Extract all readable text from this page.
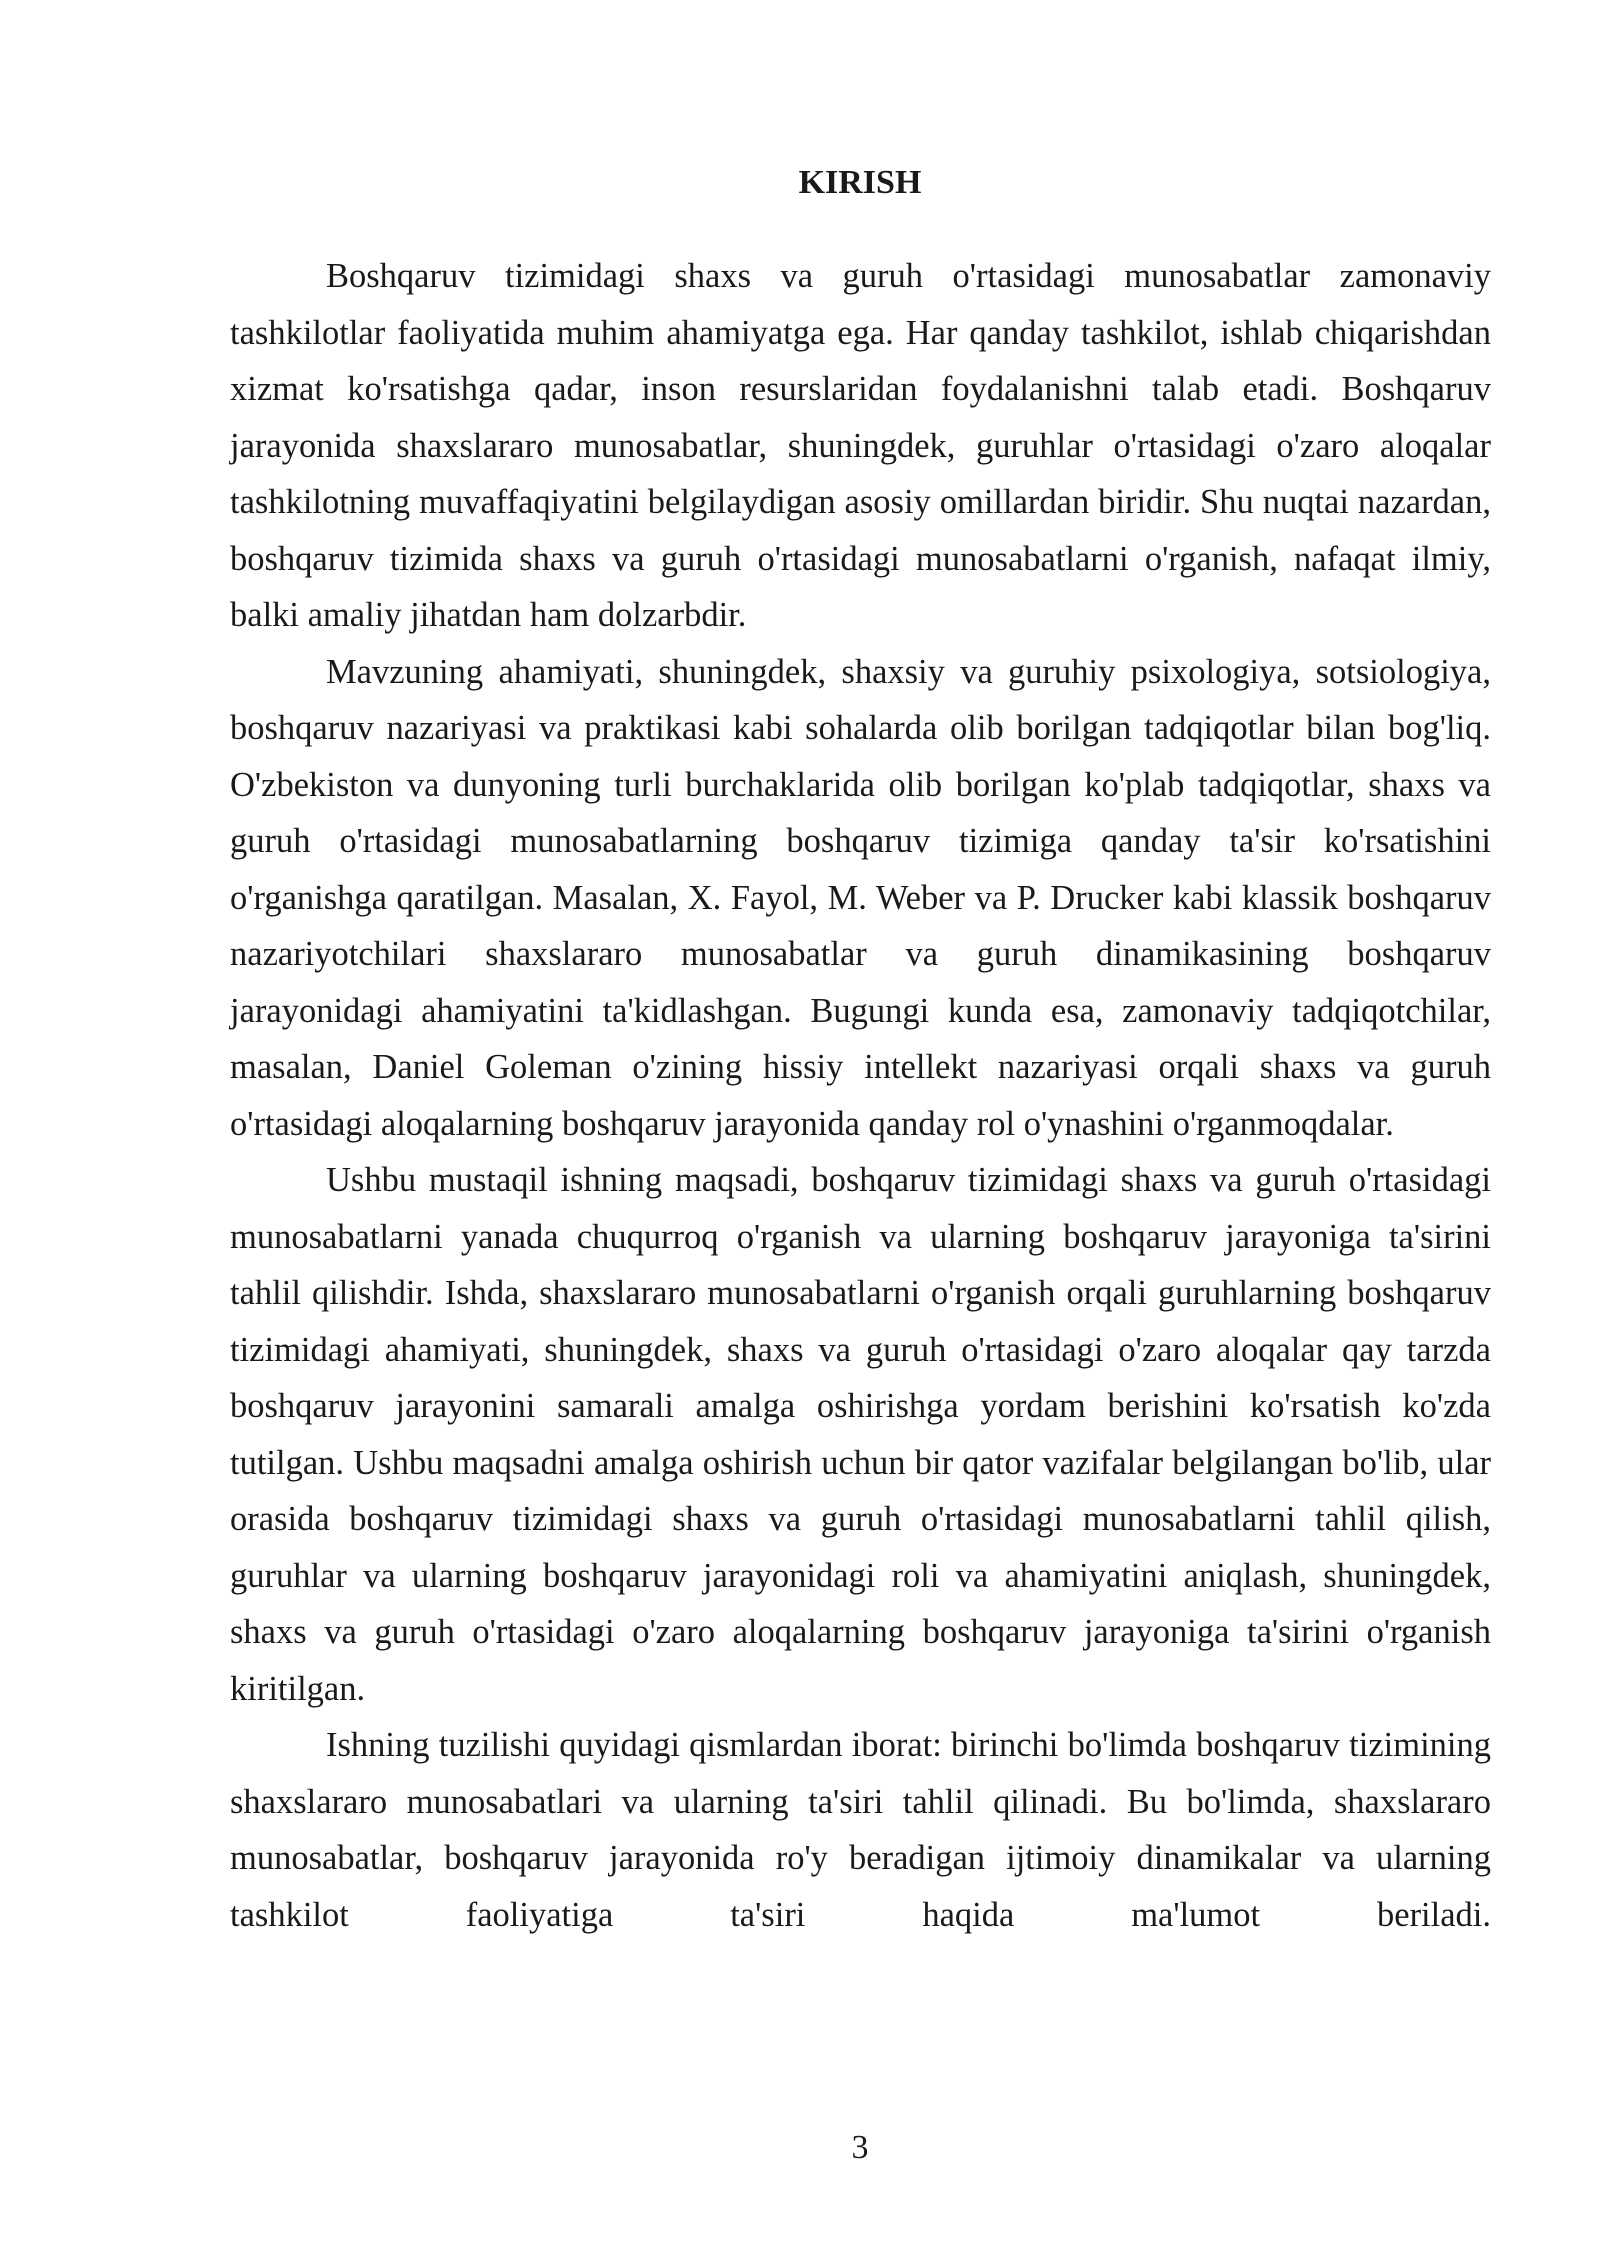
KIRISH

Boshqaruv tizimidagi shaxs va guruh o'rtasidagi munosabatlar zamonaviy tashkilotlar faoliyatida muhim ahamiyatga ega. Har qanday tashkilot, ishlab chiqarishdan xizmat ko'rsatishga qadar, inson resurslaridan foydalanishni talab etadi. Boshqaruv jarayonida shaxslararo munosabatlar, shuningdek, guruhlar o'rtasidagi o'zaro aloqalar tashkilotning muvaffaqiyatini belgilaydigan asosiy omillardan biridir. Shu nuqtai nazardan, boshqaruv tizimida shaxs va guruh o'rtasidagi munosabatlarni o'rganish, nafaqat ilmiy, balki amaliy jihatdan ham dolzarbdir.

Mavzuning ahamiyati, shuningdek, shaxsiy va guruhiy psixologiya, sotsiologiya, boshqaruv nazariyasi va praktikasi kabi sohalarda olib borilgan tadqiqotlar bilan bog'liq. O'zbekiston va dunyoning turli burchaklarida olib borilgan ko'plab tadqiqotlar, shaxs va guruh o'rtasidagi munosabatlarning boshqaruv tizimiga qanday ta'sir ko'rsatishini o'rganishga qaratilgan. Masalan, X. Fayol, M. Weber va P. Drucker kabi klassik boshqaruv nazariyotchilari shaxslararo munosabatlar va guruh dinamikasining boshqaruv jarayonidagi ahamiyatini ta'kidlashgan. Bugungi kunda esa, zamonaviy tadqiqotchilar, masalan, Daniel Goleman o'zining hissiy intellekt nazariyasi orqali shaxs va guruh o'rtasidagi aloqalarning boshqaruv jarayonida qanday rol o'ynashini o'rganmoqdalar.

Ushbu mustaqil ishning maqsadi, boshqaruv tizimidagi shaxs va guruh o'rtasidagi munosabatlarni yanada chuqurroq o'rganish va ularning boshqaruv jarayoniga ta'sirini tahlil qilishdir. Ishda, shaxslararo munosabatlarni o'rganish orqali guruhlarning boshqaruv tizimidagi ahamiyati, shuningdek, shaxs va guruh o'rtasidagi o'zaro aloqalar qay tarzda boshqaruv jarayonini samarali amalga oshirishga yordam berishini ko'rsatish ko'zda tutilgan. Ushbu maqsadni amalga oshirish uchun bir qator vazifalar belgilangan bo'lib, ular orasida boshqaruv tizimidagi shaxs va guruh o'rtasidagi munosabatlarni tahlil qilish, guruhlar va ularning boshqaruv jarayonidagi roli va ahamiyatini aniqlash, shuningdek, shaxs va guruh o'rtasidagi o'zaro aloqalarning boshqaruv jarayoniga ta'sirini o'rganish kiritilgan.

Ishning tuzilishi quyidagi qismlardan iborat: birinchi bo'limda boshqaruv tizimining shaxslararo munosabatlari va ularning ta'siri tahlil qilinadi. Bu bo'limda, shaxslararo munosabatlar, boshqaruv jarayonida ro'y beradigan ijtimoiy dinamikalar va ularning tashkilot faoliyatiga ta'siri haqida ma'lumot beriladi.

3
